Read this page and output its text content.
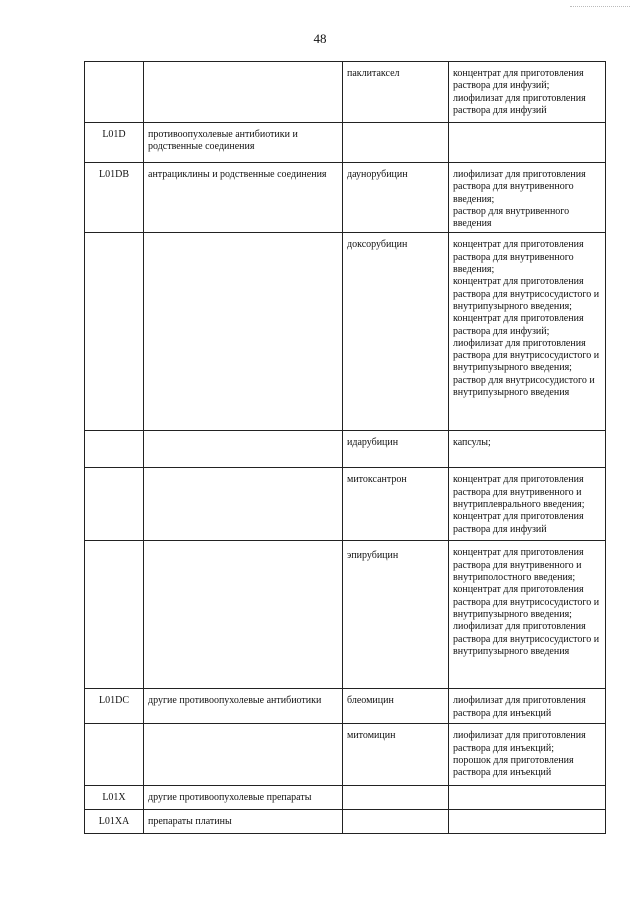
48
		паклитаксел	концентрат для приготовления раствора для инфузий;
лиофилизат для приготовления раствора для инфузий
L01D	противоопухолевые антибиотики и родственные соединения		
L01DB	антрациклины и родственные соединения	даунорубицин	лиофилизат для приготовления раствора для внутривенного введения;
раствор для внутривенного введения
		доксорубицин	концентрат для приготовления раствора для внутривенного введения;
концентрат для приготовления раствора для внутрисосудистого и внутрипузырного введения;
концентрат для приготовления раствора для инфузий;
лиофилизат для приготовления раствора для внутрисосудистого и внутрипузырного введения;
раствор для внутрисосудистого и внутрипузырного введения
		идарубицин	капсулы;
		митоксантрон	концентрат для приготовления раствора для внутривенного и внутриплеврального введения;
концентрат для приготовления раствора для инфузий
		эпирубицин	концентрат для приготовления раствора для внутривенного и внутриполостного введения;
концентрат для приготовления раствора для внутрисосудистого и внутрипузырного введения;
лиофилизат для приготовления раствора для внутрисосудистого и внутрипузырного введения
L01DC	другие противоопухолевые антибиотики	блеомицин	лиофилизат для приготовления раствора для инъекций
		митомицин	лиофилизат для приготовления раствора для инъекций;
порошок для приготовления раствора для инъекций
L01X	другие противоопухолевые препараты		
L01XA	препараты платины		
